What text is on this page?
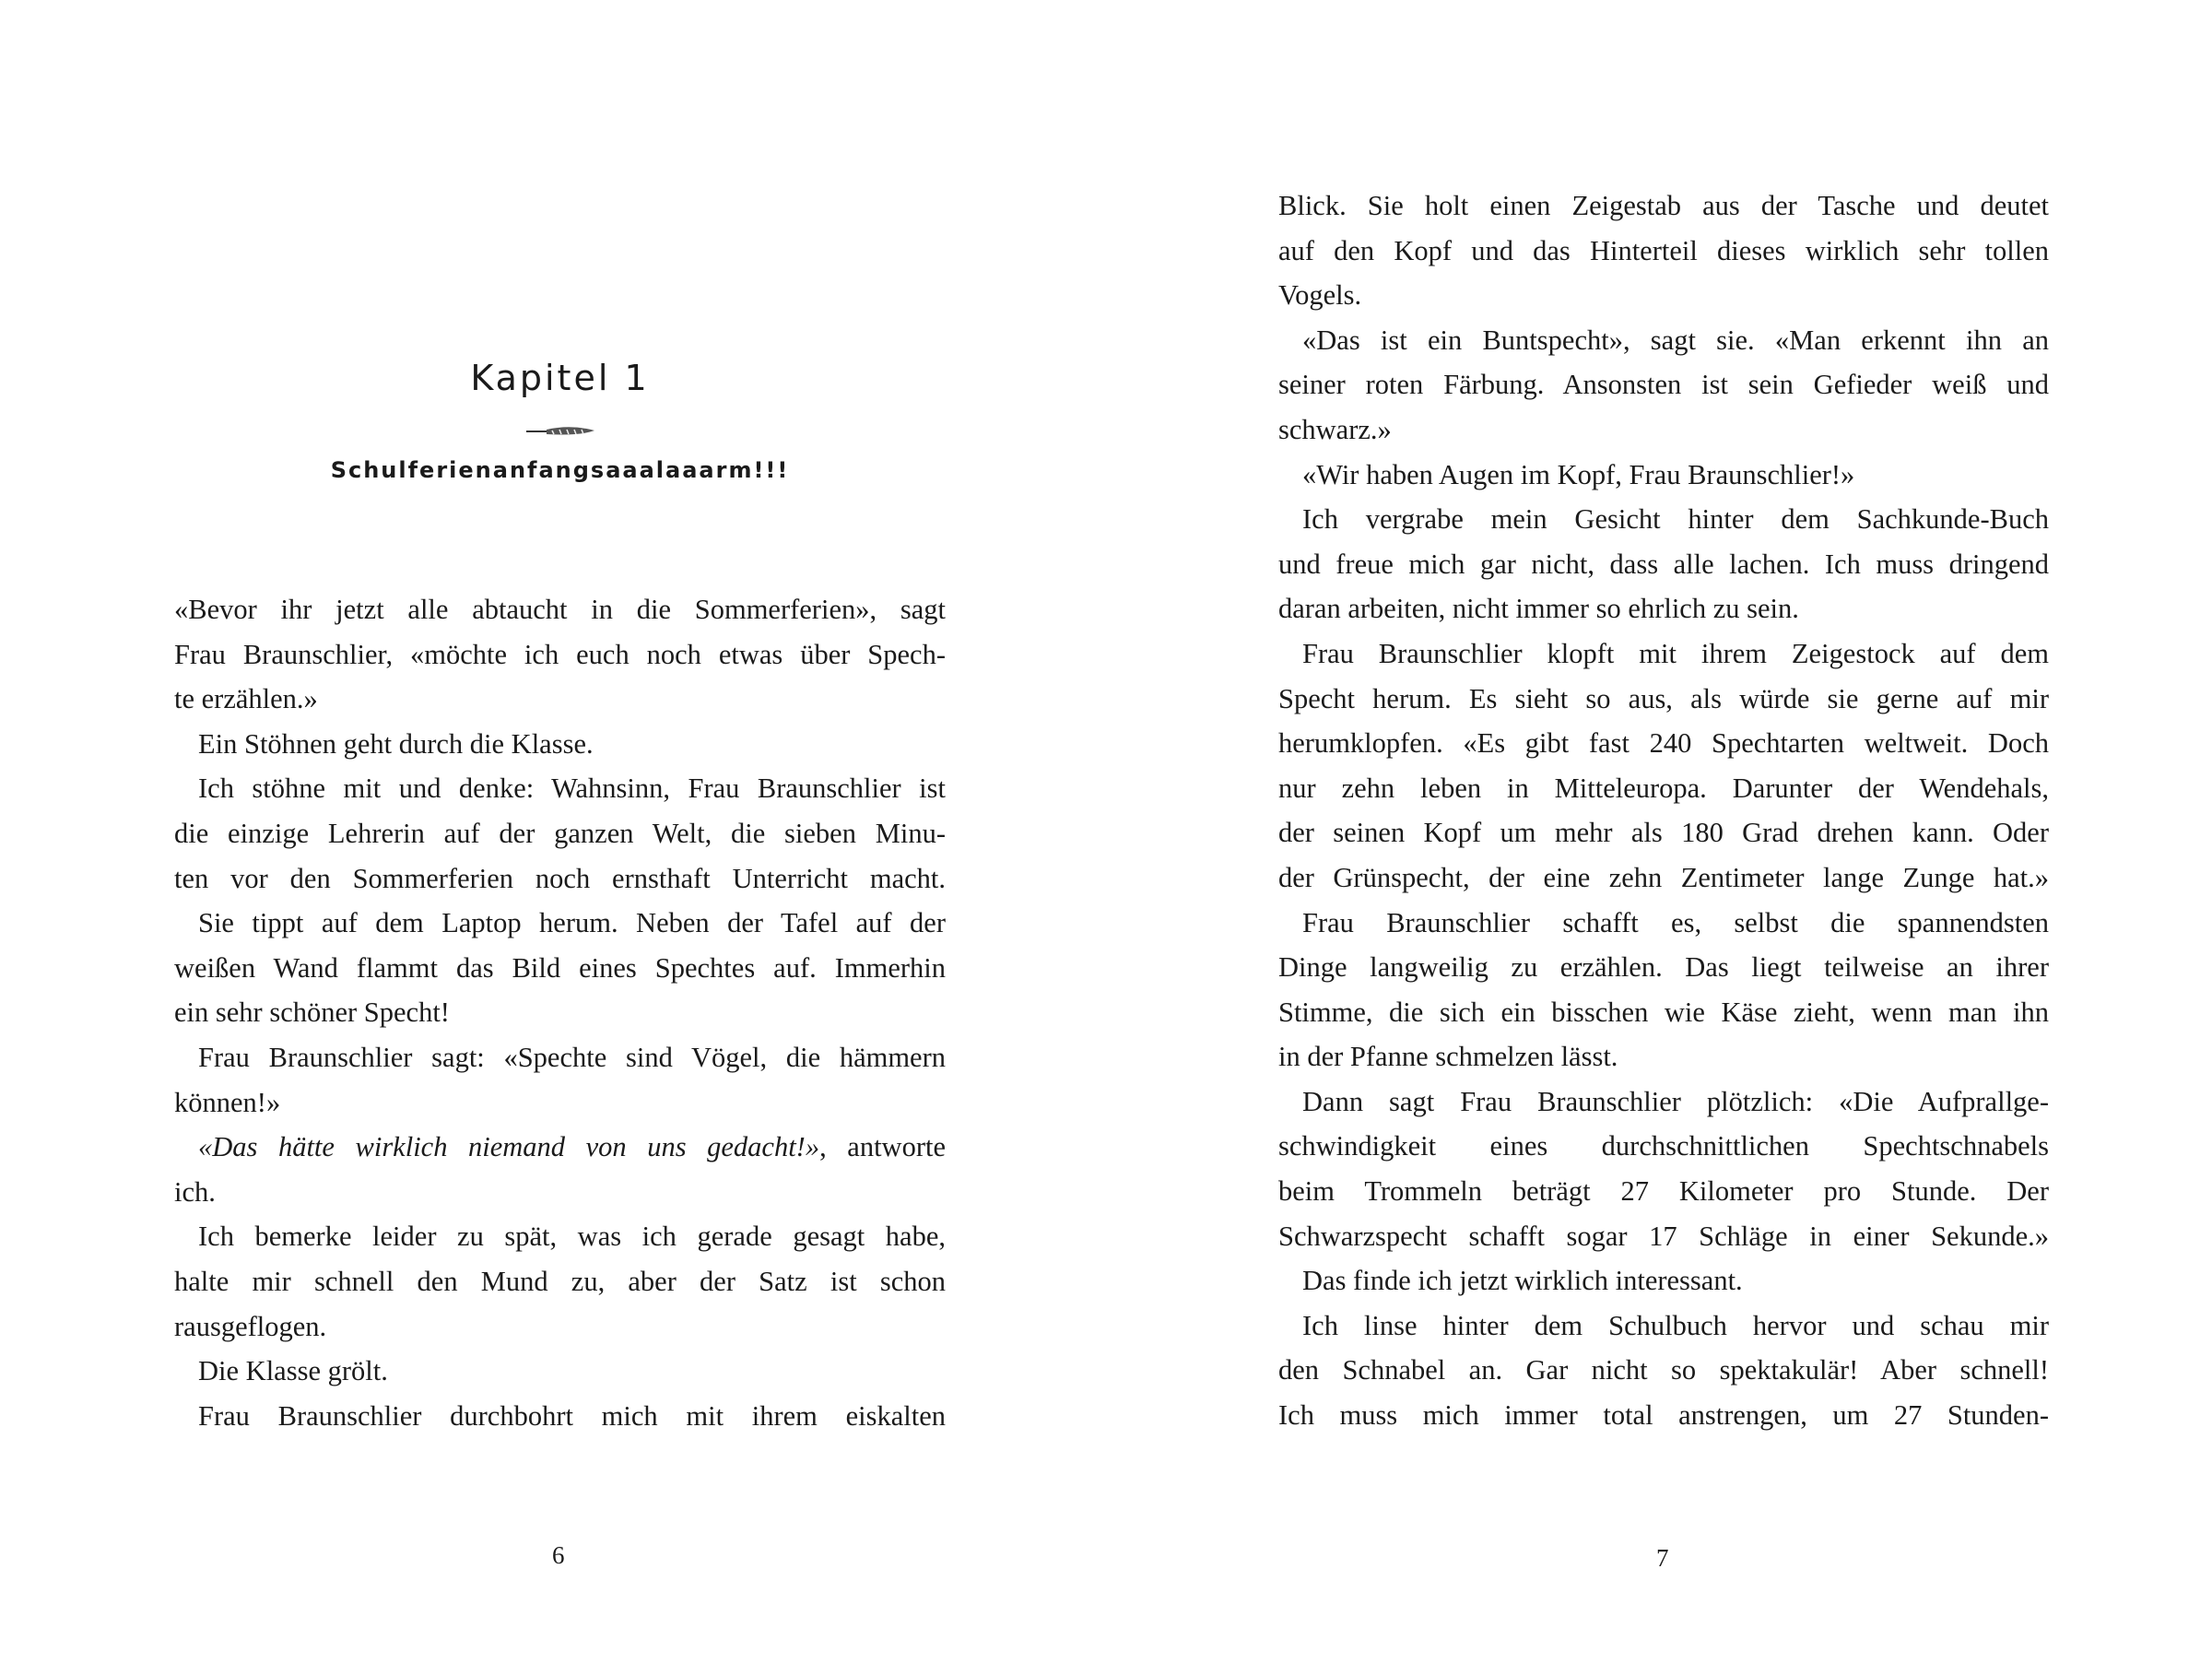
Kapitel 1
Schulferienanfangsaaalaaarm!!!
«Bevor ihr jetzt alle abtaucht in die Sommerferien», sagt
Frau Braunschlier, «möchte ich euch noch etwas über Spech-
te erzählen.»
Ein Stöhnen geht durch die Klasse.
Ich stöhne mit und denke: Wahnsinn, Frau Braunschlier ist
die einzige Lehrerin auf der ganzen Welt, die sieben Minu-
ten vor den Sommerferien noch ernsthaft Unterricht macht.
Sie tippt auf dem Laptop herum. Neben der Tafel auf der
weißen Wand flammt das Bild eines Spechtes auf. Immerhin
ein sehr schöner Specht!
Frau Braunschlier sagt: «Spechte sind Vögel, die hämmern
können!»
«Das hätte wirklich niemand von uns gedacht!», antworte
ich.
Ich bemerke leider zu spät, was ich gerade gesagt habe,
halte mir schnell den Mund zu, aber der Satz ist schon
rausgeflogen.
Die Klasse grölt.
Frau Braunschlier durchbohrt mich mit ihrem eiskalten
6
Blick. Sie holt einen Zeigestab aus der Tasche und deutet
auf den Kopf und das Hinterteil dieses wirklich sehr tollen
Vogels.
«Das ist ein Buntspecht», sagt sie. «Man erkennt ihn an
seiner roten Färbung. Ansonsten ist sein Gefieder weiß und
schwarz.»
«Wir haben Augen im Kopf, Frau Braunschlier!»
Ich vergrabe mein Gesicht hinter dem Sachkunde-Buch
und freue mich gar nicht, dass alle lachen. Ich muss dringend
daran arbeiten, nicht immer so ehrlich zu sein.
Frau Braunschlier klopft mit ihrem Zeigestock auf dem
Specht herum. Es sieht so aus, als würde sie gerne auf mir
herumklopfen. «Es gibt fast 240 Spechtarten weltweit. Doch
nur zehn leben in Mitteleuropa. Darunter der Wendehals,
der seinen Kopf um mehr als 180 Grad drehen kann. Oder
der Grünspecht, der eine zehn Zentimeter lange Zunge hat.»
Frau Braunschlier schafft es, selbst die spannendsten
Dinge langweilig zu erzählen. Das liegt teilweise an ihrer
Stimme, die sich ein bisschen wie Käse zieht, wenn man ihn
in der Pfanne schmelzen lässt.
Dann sagt Frau Braunschlier plötzlich: «Die Aufprallge-
schwindigkeit eines durchschnittlichen Spechtschnabels
beim Trommeln beträgt 27 Kilometer pro Stunde. Der
Schwarzspecht schafft sogar 17 Schläge in einer Sekunde.»
Das finde ich jetzt wirklich interessant.
Ich linse hinter dem Schulbuch hervor und schau mir
den Schnabel an. Gar nicht so spektakulär! Aber schnell!
Ich muss mich immer total anstrengen, um 27 Stunden-
7
